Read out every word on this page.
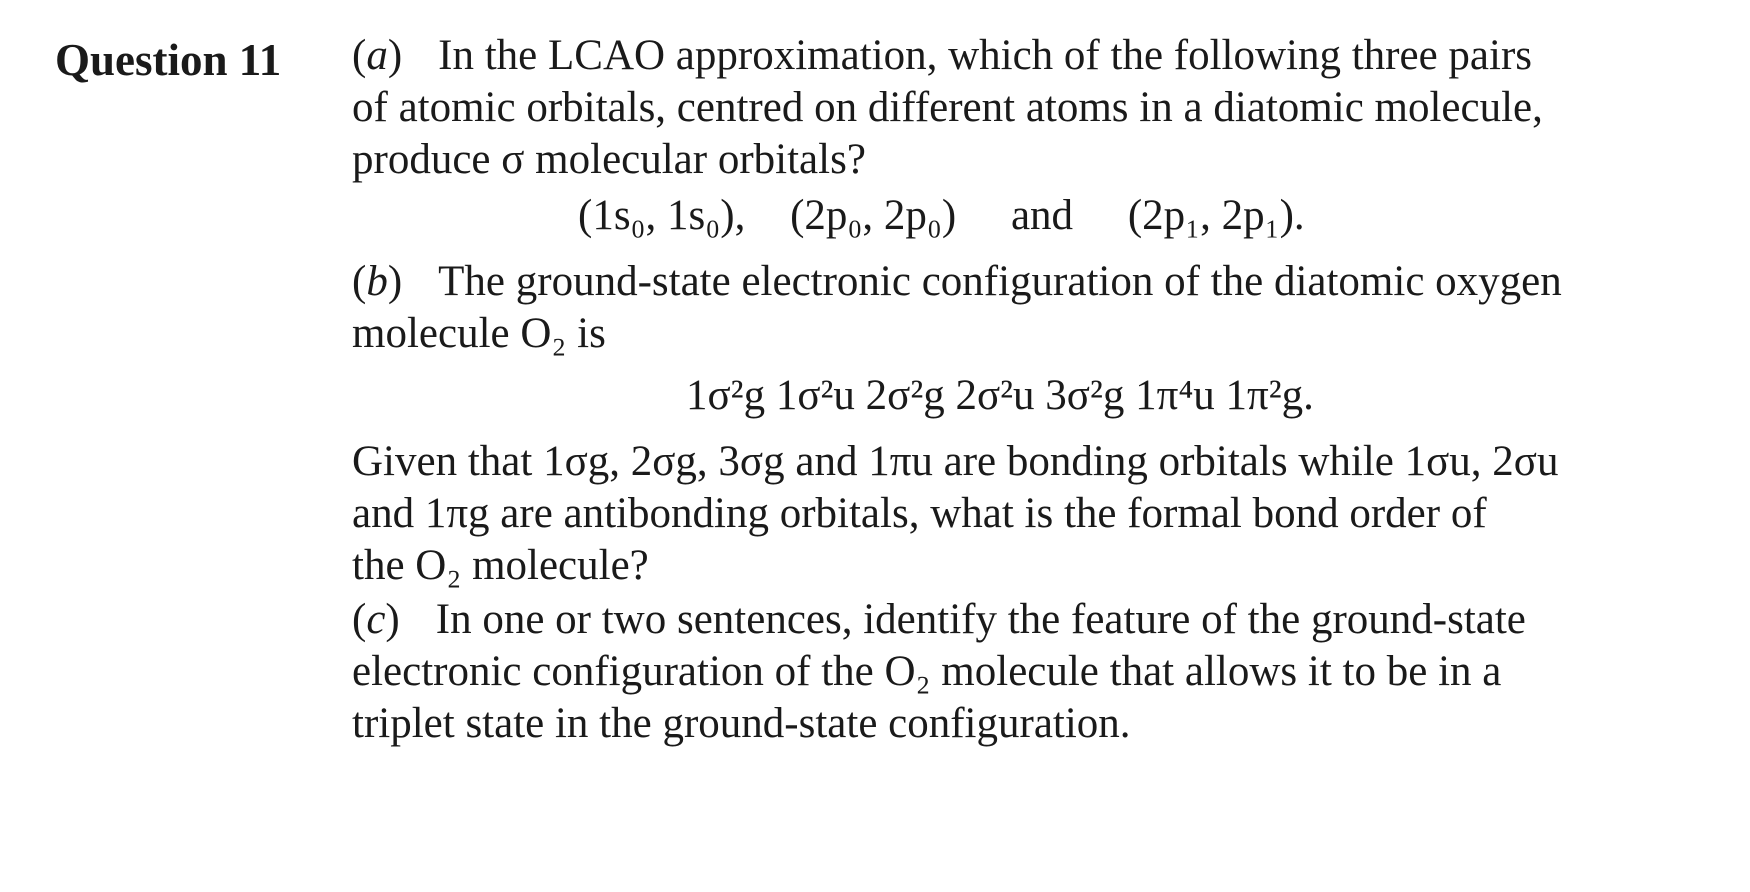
Question 11 (a) In the LCAO approximation, which of the following three pairs
of atomic orbitals, centred on different atoms in a diatomic molecule,
produce σ molecular orbitals?
(1s₀, 1s₀), (2p₀, 2p₀) and (2p₁, 2p₁).
(b) The ground-state electronic configuration of the diatomic oxygen
molecule O₂ is
1σ²g 1σ²u 2σ²g 2σ²u 3σ²g 1π⁴u 1π²g.
Given that 1σg, 2σg, 3σg and 1πu are bonding orbitals while 1σu, 2σu
and 1πg are antibonding orbitals, what is the formal bond order of
the O₂ molecule?
(c) In one or two sentences, identify the feature of the ground-state
electronic configuration of the O₂ molecule that allows it to be in a
triplet state in the ground-state configuration.
